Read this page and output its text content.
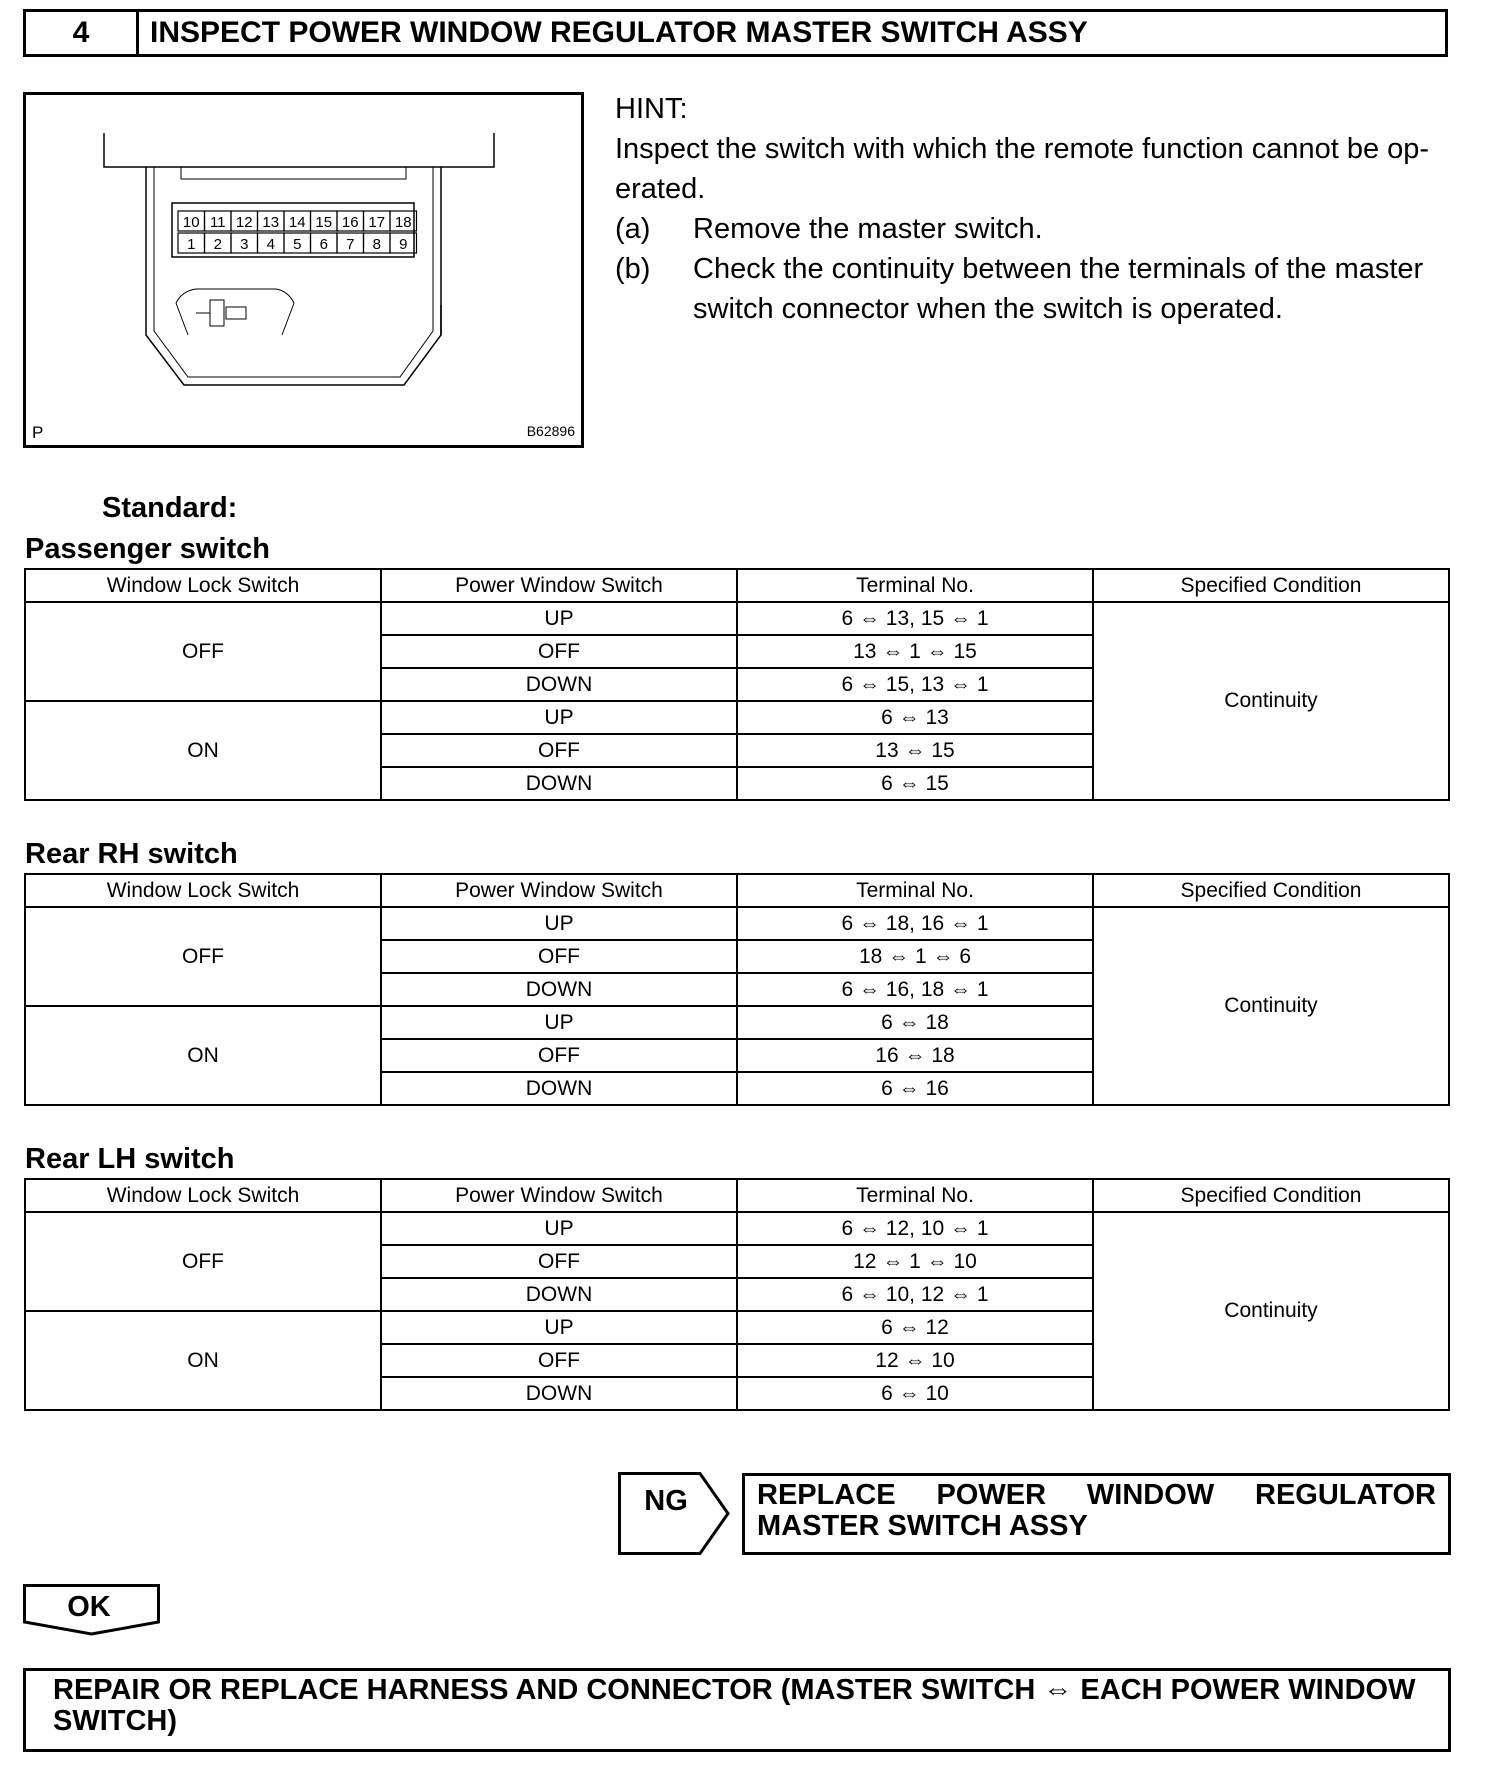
4	INSPECT POWER WINDOW REGULATOR MASTER SWITCH ASSY
10 11 12 13 14 15 16 17 18
1 2 3 4 5 6 7 8 9
P	B62896
HINT:
Inspect the switch with which the remote function cannot be op-
erated.
(a)	Remove the master switch.
(b)	Check the continuity between the terminals of the master
switch connector when the switch is operated.
Standard:
Passenger switch
Window Lock Switch	Power Window Switch	Terminal No.	Specified Condition
OFF	UP	6 ⇔ 13, 15 ⇔ 1	Continuity
	OFF	13 ⇔ 1 ⇔ 15	
	DOWN	6 ⇔ 15, 13 ⇔ 1	
ON	UP	6 ⇔ 13	
	OFF	13 ⇔ 15	
	DOWN	6 ⇔ 15	
Rear RH switch
Window Lock Switch	Power Window Switch	Terminal No.	Specified Condition
OFF	UP	6 ⇔ 18, 16 ⇔ 1	Continuity
	OFF	18 ⇔ 1 ⇔ 6	
	DOWN	6 ⇔ 16, 18 ⇔ 1	
ON	UP	6 ⇔ 18	
	OFF	16 ⇔ 18	
	DOWN	6 ⇔ 16	
Rear LH switch
Window Lock Switch	Power Window Switch	Terminal No.	Specified Condition
OFF	UP	6 ⇔ 12, 10 ⇔ 1	Continuity
	OFF	12 ⇔ 1 ⇔ 10	
	DOWN	6 ⇔ 10, 12 ⇔ 1	
ON	UP	6 ⇔ 12	
	OFF	12 ⇔ 10	
	DOWN	6 ⇔ 10	
NG	REPLACE POWER WINDOW REGULATOR MASTER SWITCH ASSY
OK
REPAIR OR REPLACE HARNESS AND CONNECTOR (MASTER SWITCH ⇔ EACH POWER WINDOW SWITCH)
